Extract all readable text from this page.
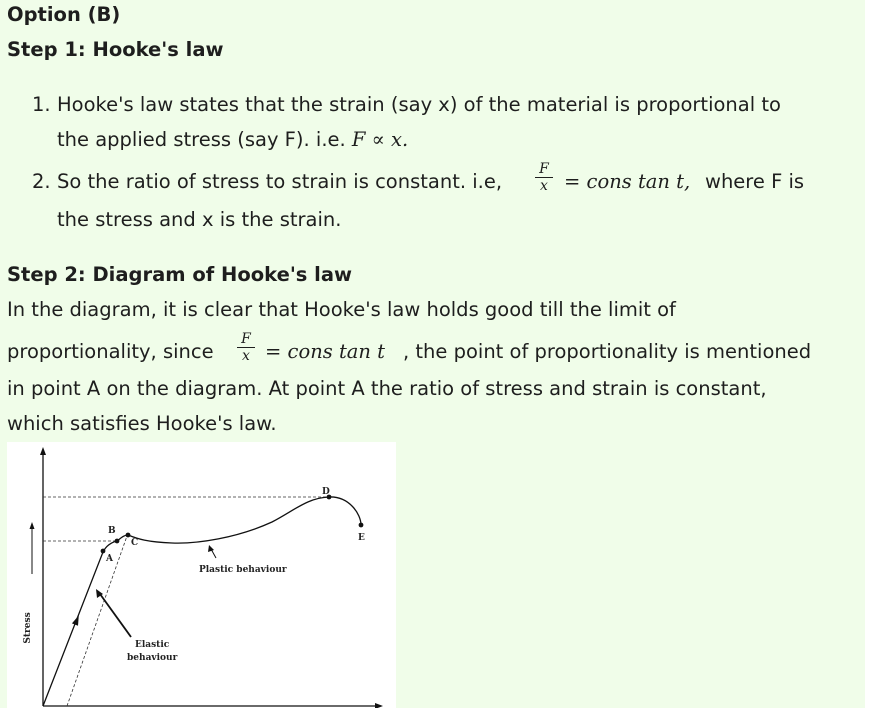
Option (B)
Step 1: Hooke's law
1. Hooke's law states that the strain (say x) of the material is proportional to
the applied stress (say F). i.e. F ∝ x.
2. So the ratio of stress to strain is constant. i.e,
F
x = cons tan t, where F is
the stress and x is the strain.
Step 2: Diagram of Hooke's law
In the diagram, it is clear that Hooke's law holds good till the limit of
proportionality, since
F
x = cons tan t , the point of proportionality is mentioned
in point A on the diagram. At point A the ratio of stress and strain is constant,
which satisfies Hooke's law.
Stress
A
B
C
D
E
Plastic behaviour
Elastic
behaviour
